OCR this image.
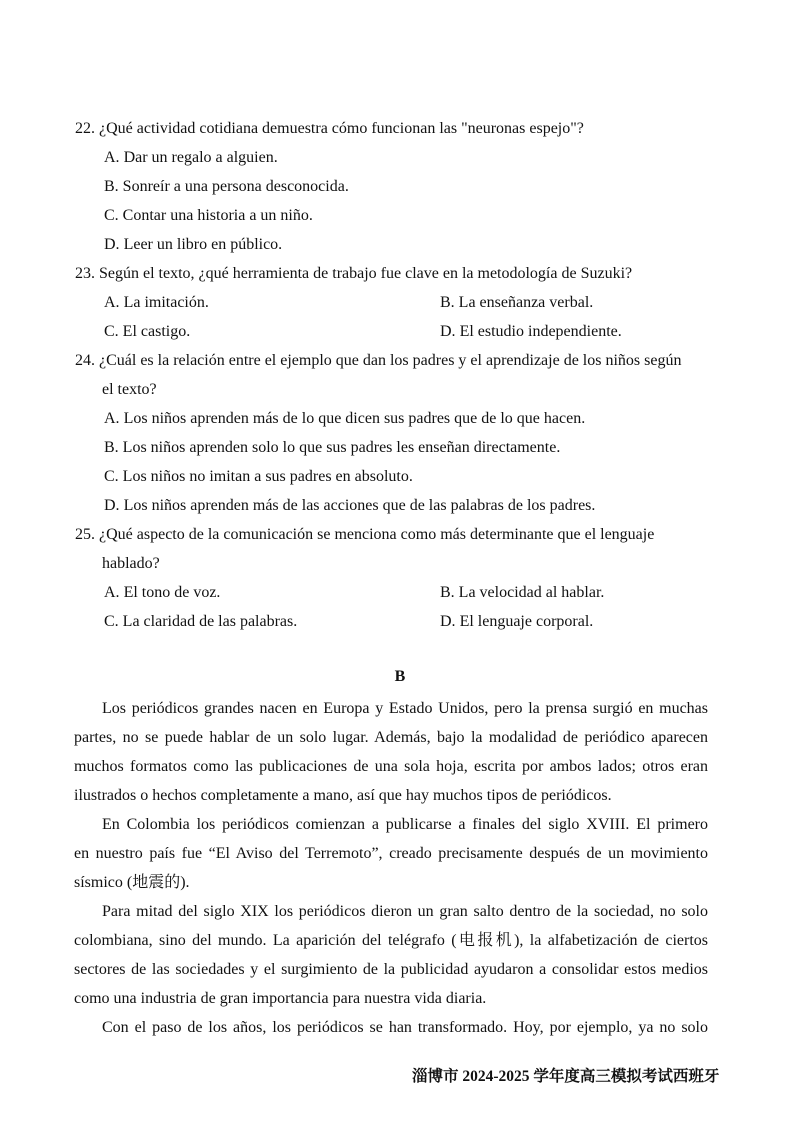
22. ¿Qué actividad cotidiana demuestra cómo funcionan las "neuronas espejo"?
A. Dar un regalo a alguien.
B. Sonreír a una persona desconocida.
C. Contar una historia a un niño.
D. Leer un libro en público.
23. Según el texto, ¿qué herramienta de trabajo fue clave en la metodología de Suzuki?
A. La imitación.	B. La enseñanza verbal.
C. El castigo.	D. El estudio independiente.
24. ¿Cuál es la relación entre el ejemplo que dan los padres y el aprendizaje de los niños según
el texto?
A. Los niños aprenden más de lo que dicen sus padres que de lo que hacen.
B. Los niños aprenden solo lo que sus padres les enseñan directamente.
C. Los niños no imitan a sus padres en absoluto.
D. Los niños aprenden más de las acciones que de las palabras de los padres.
25. ¿Qué aspecto de la comunicación se menciona como más determinante que el lenguaje
hablado?
A. El tono de voz.	B. La velocidad al hablar.
C. La claridad de las palabras.	D. El lenguaje corporal.
B
Los periódicos grandes nacen en Europa y Estado Unidos, pero la prensa surgió en muchas
partes, no se puede hablar de un solo lugar. Además, bajo la modalidad de periódico aparecen
muchos formatos como las publicaciones de una sola hoja, escrita por ambos lados; otros eran
ilustrados o hechos completamente a mano, así que hay muchos tipos de periódicos.
En Colombia los periódicos comienzan a publicarse a finales del siglo XVIII. El primero
en nuestro país fue “El Aviso del Terremoto”, creado precisamente después de un movimiento
sísmico (地震的).
Para mitad del siglo XIX los periódicos dieron un gran salto dentro de la sociedad, no solo
colombiana, sino del mundo. La aparición del telégrafo (电报机), la alfabetización de ciertos
sectores de las sociedades y el surgimiento de la publicidad ayudaron a consolidar estos medios
como una industria de gran importancia para nuestra vida diaria.
Con el paso de los años, los periódicos se han transformado. Hoy, por ejemplo, ya no solo
淄博市 2024-2025 学年度高三模拟考试西班牙
